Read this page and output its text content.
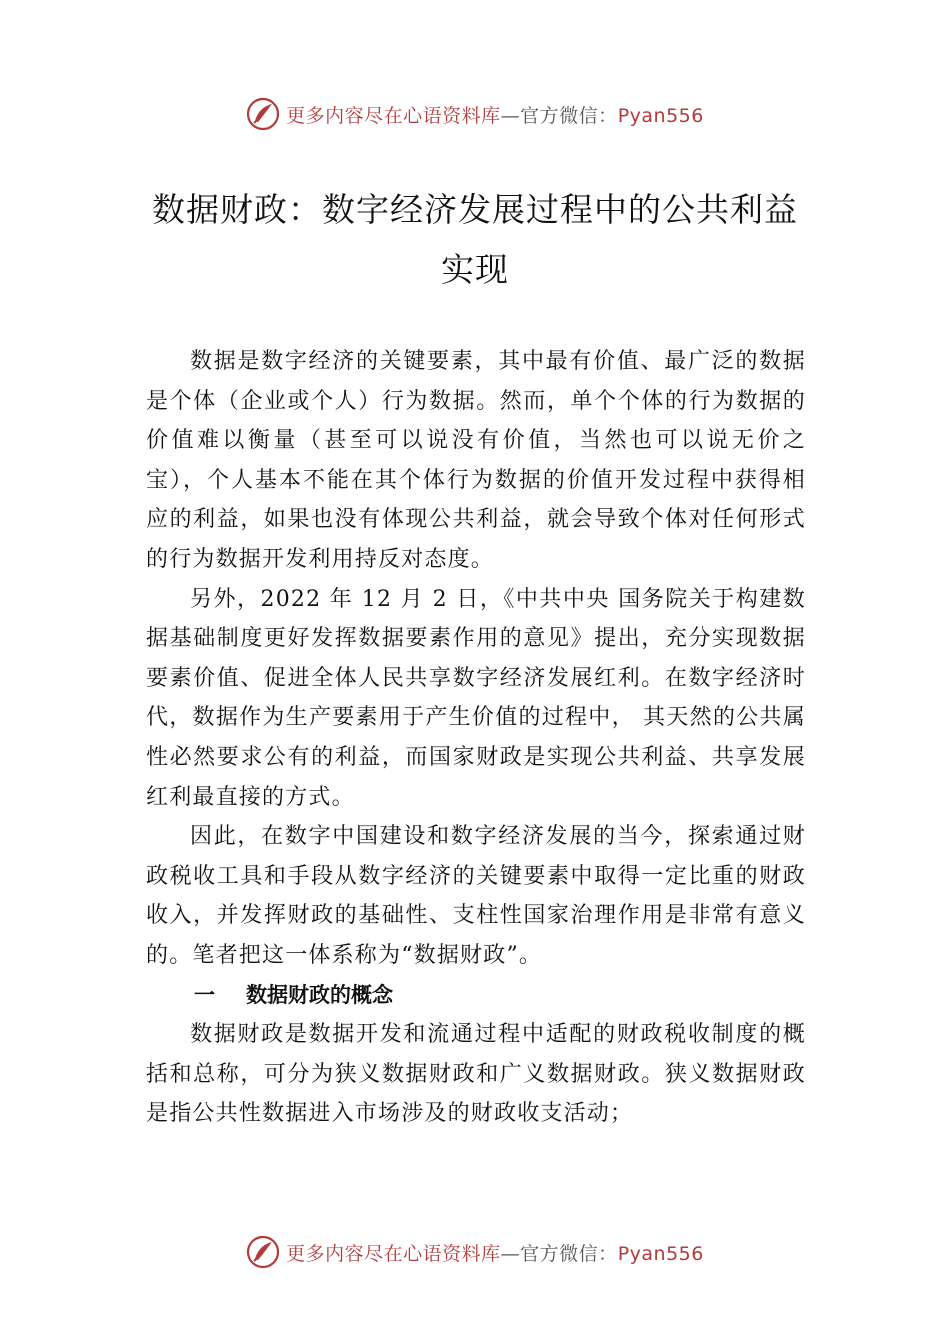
更多内容尽在心语资料库—官方微信：Pyan556
数据财政：数字经济发展过程中的公共利益实现

数据是数字经济的关键要素，其中最有价值、最广泛的数据是个体（企业或个人）行为数据。然而，单个个体的行为数据的价值难以衡量（甚至可以说没有价值，当然也可以说无价之宝），个人基本不能在其个体行为数据的价值开发过程中获得相应的利益，如果也没有体现公共利益，就会导致个体对任何形式的行为数据开发利用持反对态度。

另外，2022 年 12 月 2 日，《中共中央 国务院关于构建数据基础制度更好发挥数据要素作用的意见》提出，充分实现数据要素价值、促进全体人民共享数字经济发展红利。在数字经济时代，数据作为生产要素用于产生价值的过程中， 其天然的公共属性必然要求公有的利益，而国家财政是实现公共利益、共享发展红利最直接的方式。

因此，在数字中国建设和数字经济发展的当今，探索通过财政税收工具和手段从数字经济的关键要素中取得一定比重的财政收入，并发挥财政的基础性、支柱性国家治理作用是非常有意义的。笔者把这一体系称为“数据财政”。

一	数据财政的概念

数据财政是数据开发和流通过程中适配的财政税收制度的概括和总称，可分为狭义数据财政和广义数据财政。狭义数据财政是指公共性数据进入市场涉及的财政收支活动；

更多内容尽在心语资料库—官方微信：Pyan556
